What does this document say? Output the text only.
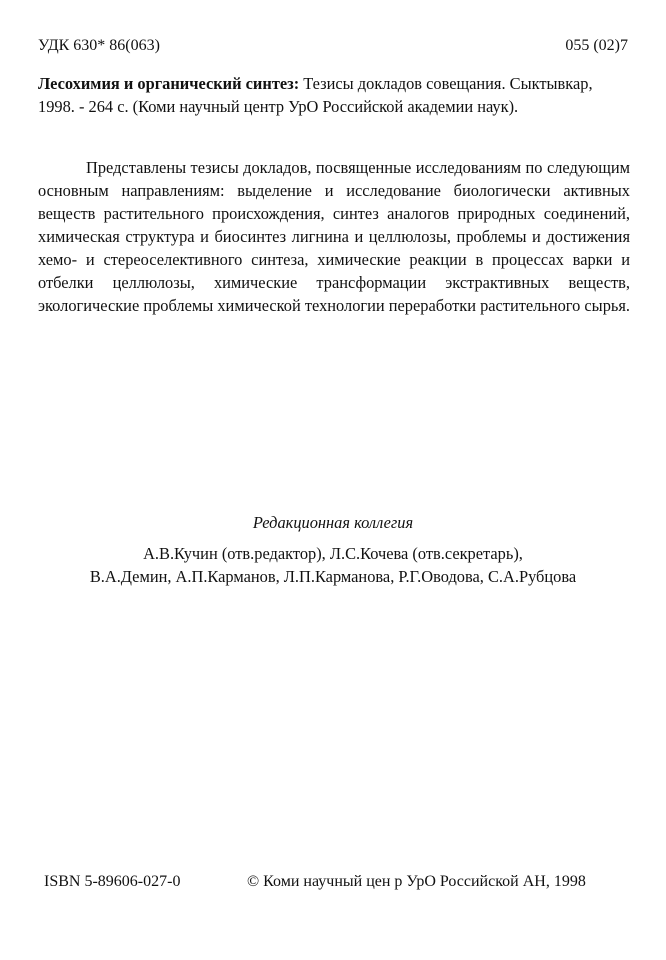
УДК 630* 86(063)	055 (02)7
Лесохимия и органический синтез: Тезисы докладов совещания. Сыктывкар, 1998. - 264 с. (Коми научный центр УрО Российской академии наук).

Представлены тезисы докладов, посвященные исследованиям по следующим основным направлениям: выделение и исследование биологически активных веществ растительного происхождения, синтез аналогов природных соединений, химическая структура и биосинтез лигнина и целлюлозы, проблемы и достижения хемо- и стереоселективного синтеза, химические реакции в процессах варки и отбелки целлюлозы, химические трансформации экстрактивных веществ, экологические проблемы химической технологии переработки растительного сырья.

Редакционная коллегия
А.В.Кучин (отв.редактор), Л.С.Кочева (отв.секретарь),
В.А.Демин, А.П.Карманов, Л.П.Карманова, Р.Г.Оводова, С.А.Рубцова
ISBN 5-89606-027-0	© Коми научный цен р УрО Российской АН, 1998
